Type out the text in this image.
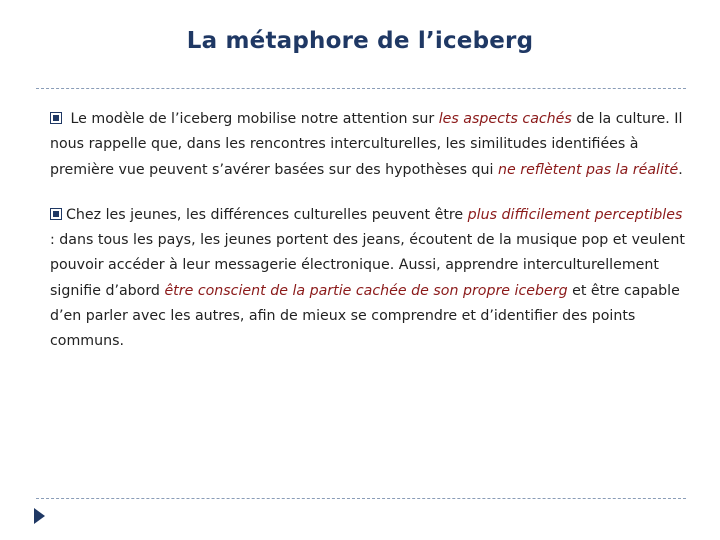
La métaphore de l’iceberg

Le modèle de l’iceberg mobilise notre attention sur les aspects cachés de la culture. Il nous rappelle que, dans les rencontres interculturelles, les similitudes identifiées à première vue peuvent s’avérer basées sur des hypothèses qui ne reflètent pas la réalité.

Chez les jeunes, les différences culturelles peuvent être plus difficilement perceptibles : dans tous les pays, les jeunes portent des jeans, écoutent de la musique pop et veulent pouvoir accéder à leur messagerie électronique. Aussi, apprendre interculturellement signifie d’abord être conscient de la partie cachée de son propre iceberg et être capable d’en parler avec les autres, afin de mieux se comprendre et d’identifier des points communs.
